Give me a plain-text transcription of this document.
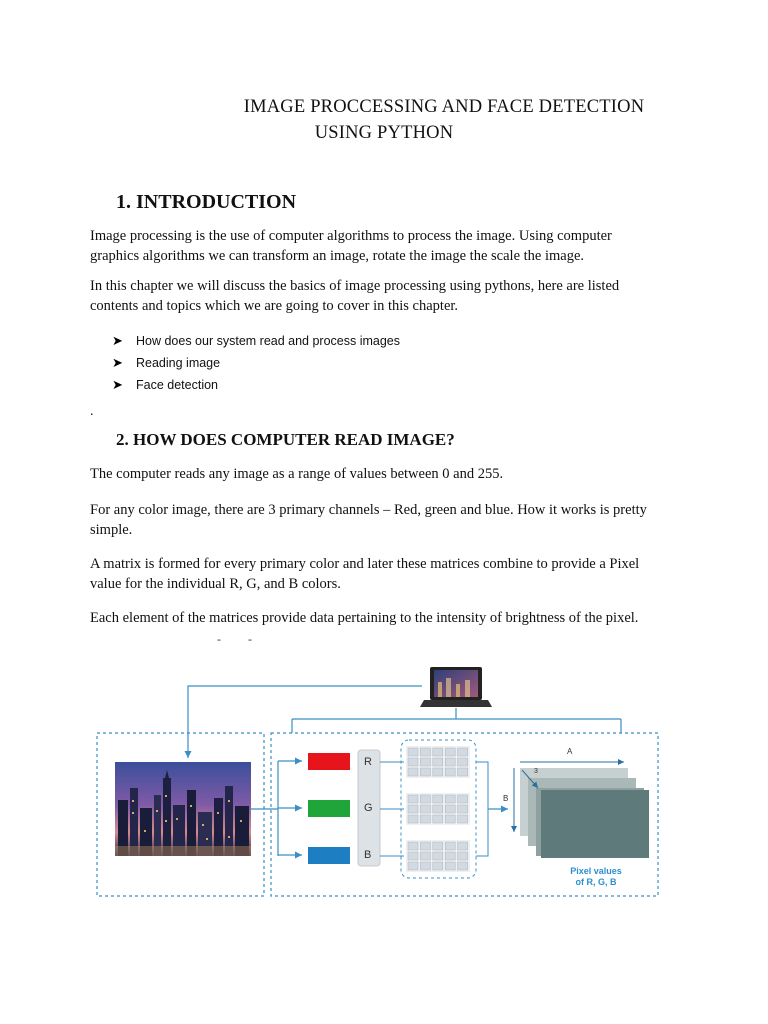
IMAGE PROCCESSING AND FACE DETECTION
USING PYTHON
1. INTRODUCTION
Image processing is the use of computer algorithms to process the image. Using computer
graphics algorithms we can transform an image, rotate the image the scale the image.
In this chapter we will discuss the basics of image processing using pythons, here are listed
contents and topics which we are going to cover in this chapter.
➤	How does our system read and process images
➤	Reading image
➤	Face detection
.
2. HOW DOES COMPUTER READ IMAGE?
The computer reads any image as a range of values between 0 and 255.
For any color image, there are 3 primary channels – Red, green and blue. How it works is pretty
simple.
A matrix is formed for every primary color and later these matrices combine to provide a Pixel
value for the individual R, G, and B colors.
Each element of the matrices provide data pertaining to the intensity of brightness of the pixel.
- -
R
G
B
A
B
3
Pixel values
of R, G, B
